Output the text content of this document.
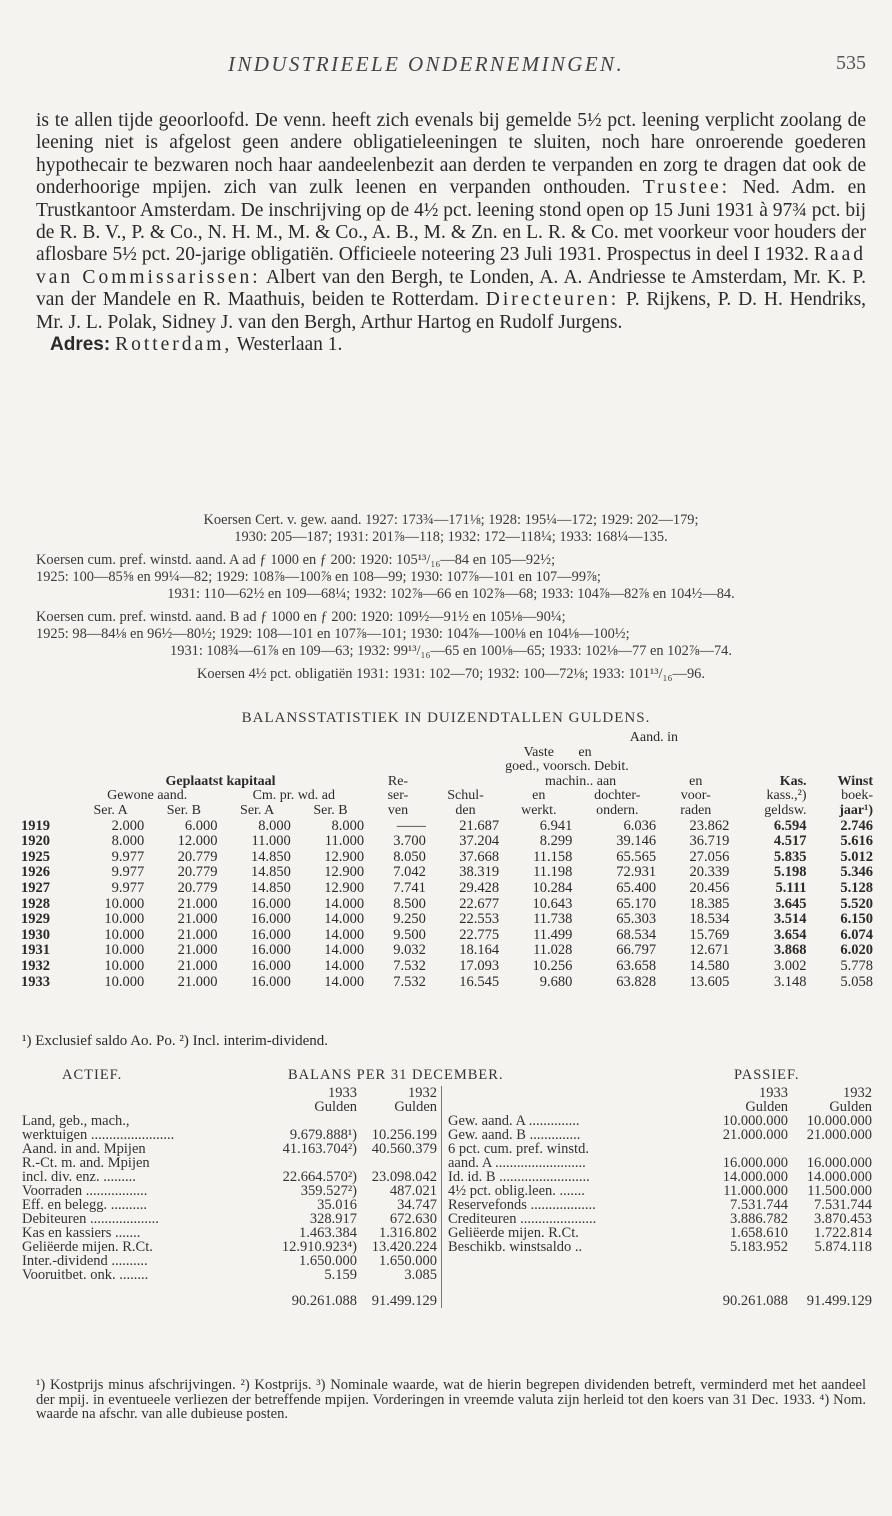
INDUSTRIEELE ONDERNEMINGEN.	535

is te allen tijde geoorloofd. De venn. heeft zich evenals bij gemelde 5½ pct. leening verplicht zoolang de leening niet is afgelost geen andere obligatieleeningen te sluiten, noch hare onroerende goederen hypothecair te bezwaren noch haar aandeelenbezit aan derden te verpanden en zorg te dragen dat ook de onderhoorige mpijen. zich van zulk leenen en verpanden onthouden. Trustee: Ned. Adm. en Trustkantoor Amsterdam. De inschrijving op de 4½ pct. leening stond open op 15 Juni 1931 à 97¾ pct. bij de R. B. V., P. & Co., N. H. M., M. & Co., A. B., M. & Zn. en L. R. & Co. met voorkeur voor houders der aflosbare 5½ pct. 20-jarige obligatiën. Officieele noteering 23 Juli 1931. Prospectus in deel I 1932. Raad van Commissarissen: Albert van den Bergh, te Londen, A. A. Andriesse te Amsterdam, Mr. K. P. van der Mandele en R. Maathuis, beiden te Rotterdam. Directeuren: P. Rijkens, P. D. H. Hendriks, Mr. J. L. Polak, Sidney J. van den Bergh, Arthur Hartog en Rudolf Jurgens.

Adres: Rotterdam, Westerlaan 1.

Koersen Cert. v. gew. aand. 1927: 173¾—171⅛; 1928: 195¼—172; 1929: 202—179;
1930: 205—187; 1931: 201⅞—118; 1932: 172—118¼; 1933: 168¼—135.
Koersen cum. pref. winstd. aand. A ad ƒ 1000 en ƒ 200: 1920: 105¹³/₁₆—84 en 105—92½;
1925: 100—85⅝ en 99¼—82; 1929: 108⅞—100⅞ en 108—99; 1930: 107⅞—101 en 107—99⅞;
1931: 110—62½ en 109—68¼; 1932: 102⅞—66 en 102⅞—68; 1933: 104⅞—82⅞ en 104½—84.
Koersen cum. pref. winstd. aand. B ad ƒ 1000 en ƒ 200: 1920: 109½—91½ en 105⅛—90¼;
1925: 98—84⅛ en 96½—80½; 1929: 108—101 en 107⅞—101; 1930: 104⅞—100⅛ en 104⅛—100½;
1931: 108¾—61⅞ en 109—63; 1932: 99¹³/₁₆—65 en 100⅛—65; 1933: 102⅛—77 en 102⅞—74.
Koersen 4½ pct. obligatiën 1931: 1931: 102—70; 1932: 100—72⅛; 1933: 101¹³/₁₆—96.
BALANSSTATISTIEK IN DUIZENDTALLEN GULDENS.
								Aand. in			
							Vaste	en			
							goed., voorsch. Debit.				
	Geplaatst kapitaal				Re-		machin.. aan		en	Kas.	Winst
	Gewone aand.		Cm. pr. wd. ad		ser-	Schul-	en	dochter-	voor-	kass.,²)	boek-
	Ser. A	Ser. B	Ser. A	Ser. B	ven	den	werkt.	ondern.	raden	geldsw.	jaar¹)
1919	2.000	6.000	8.000	8.000	——	21.687	6.941	6.036	23.862	6.594	2.746
1920	8.000	12.000	11.000	11.000	3.700	37.204	8.299	39.146	36.719	4.517	5.616
1925	9.977	20.779	14.850	12.900	8.050	37.668	11.158	65.565	27.056	5.835	5.012
1926	9.977	20.779	14.850	12.900	7.042	38.319	11.198	72.931	20.339	5.198	5.346
1927	9.977	20.779	14.850	12.900	7.741	29.428	10.284	65.400	20.456	5.111	5.128
1928	10.000	21.000	16.000	14.000	8.500	22.677	10.643	65.170	18.385	3.645	5.520
1929	10.000	21.000	16.000	14.000	9.250	22.553	11.738	65.303	18.534	3.514	6.150
1930	10.000	21.000	16.000	14.000	9.500	22.775	11.499	68.534	15.769	3.654	6.074
1931	10.000	21.000	16.000	14.000	9.032	18.164	11.028	66.797	12.671	3.868	6.020
1932	10.000	21.000	16.000	14.000	7.532	17.093	10.256	63.658	14.580	3.002	5.778
1933	10.000	21.000	16.000	14.000	7.532	16.545	9.680	63.828	13.605	3.148	5.058
¹) Exclusief saldo Ao. Po. ²) Incl. interim-dividend.
ACTIEF.	BALANS PER 31 DECEMBER.	PASSIEF.
1933	1932
Gulden	Gulden
Land, geb., mach.,
werktuigen .......................	9.679.888¹)	10.256.199
Aand. in and. Mpijen	41.163.704²)	40.560.379
R.-Ct. m. and. Mpijen
incl. div. enz. .........	22.664.570²)	23.098.042
Voorraden .................	359.527²)	487.021
Eff. en belegg. ..........	35.016	34.747
Debiteuren ...................	328.917	672.630
Kas en kassiers .......	1.463.384	1.316.802
Geliëerde mijen. R.Ct.	12.910.923⁴)	13.420.224
Inter.-dividend ..........	1.650.000	1.650.000
Vooruitbet. onk. ........	5.159	3.085
90.261.088	91.499.129
1933	1932
Gulden	Gulden
Gew. aand. A ..............	10.000.000	10.000.000
Gew. aand. B ..............	21.000.000	21.000.000
6 pct. cum. pref. winstd.
aand. A .........................	16.000.000	16.000.000
Id. id. B .........................	14.000.000	14.000.000
4½ pct. oblig.leen. .......	11.000.000	11.500.000
Reservefonds ..................	7.531.744	7.531.744
Crediteuren .....................	3.886.782	3.870.453
Geliëerde mijen. R.Ct.	1.658.610	1.722.814
Beschikb. winstsaldo ..	5.183.952	5.874.118
90.261.088	91.499.129
¹) Kostprijs minus afschrijvingen. ²) Kostprijs. ³) Nominale waarde, wat de hierin begrepen dividenden betreft, verminderd met het aandeel der mpij. in eventueele verliezen der betreffende mpijen. Vorderingen in vreemde valuta zijn herleid tot den koers van 31 Dec. 1933. ⁴) Nom. waarde na afschr. van alle dubieuse posten.
